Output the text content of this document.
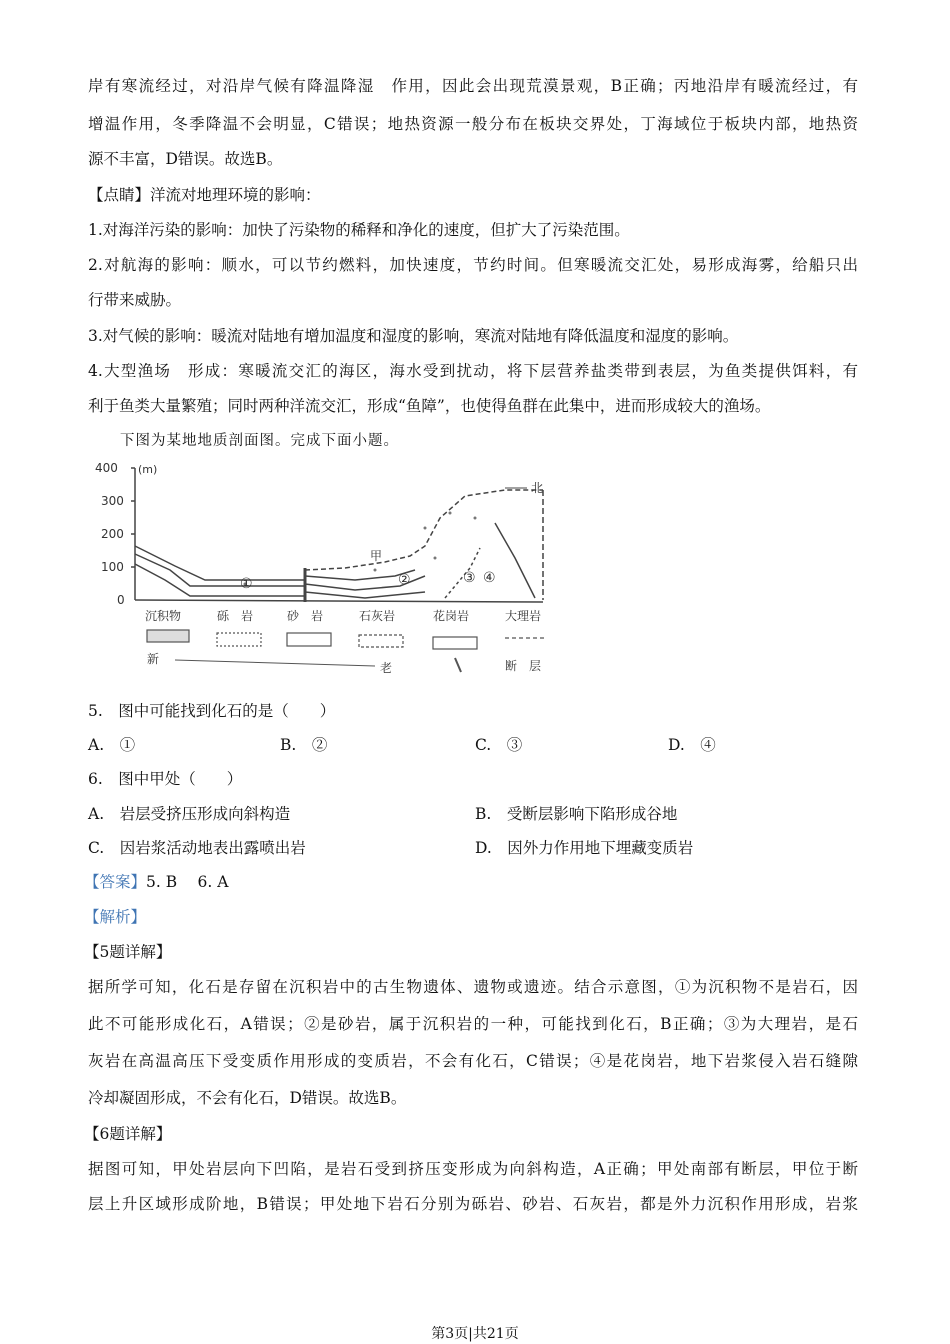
岸有寒流经过，对沿岸气候有降温降湿　作用，因此会出现荒漠景观，B正确；丙地沿岸有暖流经过，有
增温作用，冬季降温不会明显，C错误；地热资源一般分布在板块交界处，丁海域位于板块内部，地热资
源不丰富，D错误。故选B。
【点睛】洋流对地理环境的影响：
1.对海洋污染的影响：加快了污染物的稀释和净化的速度，但扩大了污染范围。
2.对航海的影响：顺水，可以节约燃料，加快速度，节约时间。但寒暖流交汇处，易形成海雾，给船只出
行带来威胁。
3.对气候的影响：暖流对陆地有增加温度和湿度的影响，寒流对陆地有降低温度和湿度的影响。
4.大型渔场　形成：寒暖流交汇的海区，海水受到扰动，将下层营养盐类带到表层，为鱼类提供饵料，有
利于鱼类大量繁殖；同时两种洋流交汇，形成“鱼障”，也使得鱼群在此集中，进而形成较大的渔场。
下图为某地地质剖面图。完成下面小题。
400
300
200
100
0
(m)
甲
①	②	③ ④
北
沉积物	砾　岩	砂　岩	石灰岩	花岗岩	大理岩
新
老	断　层
5.　图中可能找到化石的是（　　）
A.　①	B.　②	C.　③	D.　④
6.　图中甲处（　　）
A.　岩层受挤压形成向斜构造	B.　受断层影响下陷形成谷地
C.　因岩浆活动地表出露喷出岩	D.　因外力作用地下埋藏变质岩
【答案】5. B　 6. A
【解析】
【5题详解】
据所学可知，化石是存留在沉积岩中的古生物遗体、遗物或遗迹。结合示意图，①为沉积物不是岩石，因
此不可能形成化石，A错误；②是砂岩，属于沉积岩的一种，可能找到化石，B正确；③为大理岩，是石
灰岩在高温高压下受变质作用形成的变质岩，不会有化石，C错误；④是花岗岩，地下岩浆侵入岩石缝隙
冷却凝固形成，不会有化石，D错误。故选B。
【6题详解】
据图可知，甲处岩层向下凹陷，是岩石受到挤压变形成为向斜构造，A正确；甲处南部有断层，甲位于断
层上升区域形成阶地，B错误；甲处地下岩石分别为砾岩、砂岩、石灰岩，都是外力沉积作用形成，岩浆
第3页|共21页
